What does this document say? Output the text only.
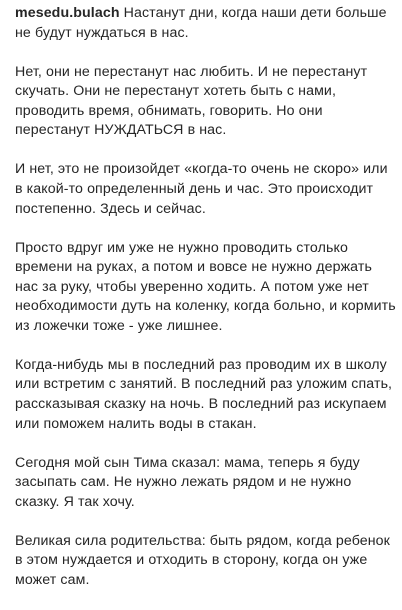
mesedu.bulach Настанут дни, когда наши дети больше не будут нуждаться в нас.

Нет, они не перестанут нас любить. И не перестанут скучать. Они не перестанут хотеть быть с нами, проводить время, обнимать, говорить. Но они перестанут НУЖДАТЬСЯ в нас.

И нет, это не произойдет «когда-то очень не скоро» или в какой-то определенный день и час. Это происходит постепенно. Здесь и сейчас.

Просто вдруг им уже не нужно проводить столько времени на руках, а потом и вовсе не нужно держать нас за руку, чтобы уверенно ходить. А потом уже нет необходимости дуть на коленку, когда больно, и кормить из ложечки тоже - уже лишнее.

Когда-нибудь мы в последний раз проводим их в школу или встретим с занятий. В последний раз уложим спать, рассказывая сказку на ночь. В последний раз искупаем или поможем налить воды в стакан.

Сегодня мой сын Тима сказал: мама, теперь я буду засыпать сам. Не нужно лежать рядом и не нужно сказку. Я так хочу.

Великая сила родительства: быть рядом, когда ребенок в этом нуждается и отходить в сторону, когда он уже может сам.
